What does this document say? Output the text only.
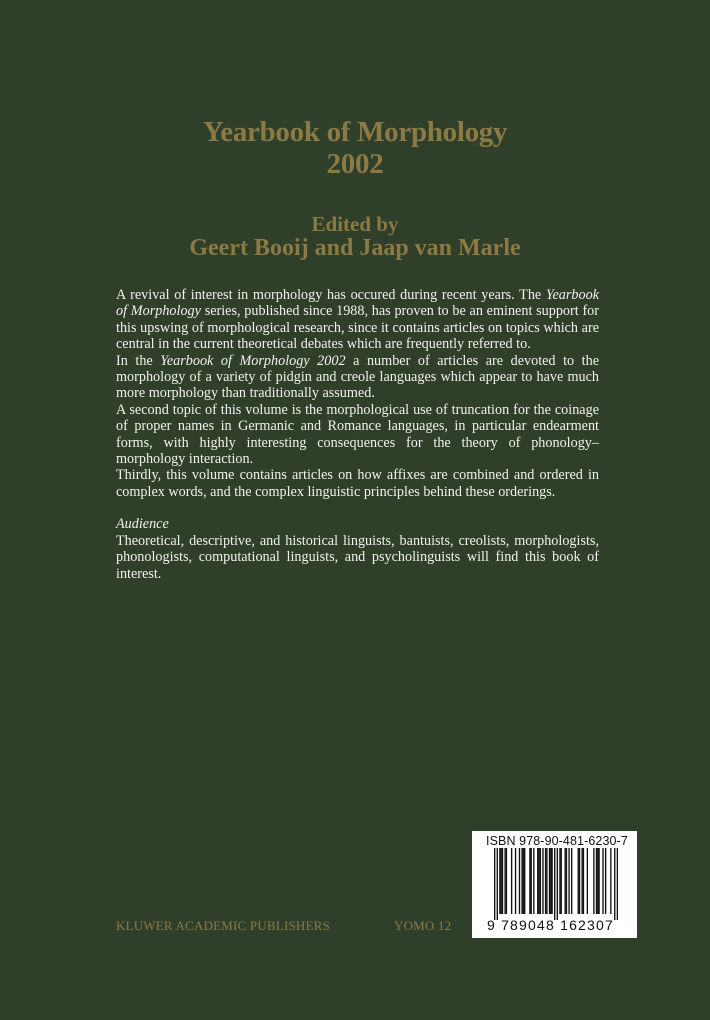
Yearbook of Morphology
2002
Edited by
Geert Booij and Jaap van Marle

A revival of interest in morphology has occured during recent years. The Yearbook of Morphology series, published since 1988, has proven to be an eminent support for this upswing of morphological research, since it contains articles on topics which are central in the current theoretical debates which are frequently referred to.

In the Yearbook of Morphology 2002 a number of articles are devoted to the morphology of a variety of pidgin and creole languages which appear to have much more morphology than traditionally assumed.

A second topic of this volume is the morphological use of truncation for the coinage of proper names in Germanic and Romance languages, in particular endearment forms, with highly interesting consequences for the theory of phonology–morphology interaction.

Thirdly, this volume contains articles on how affixes are combined and ordered in complex words, and the complex linguistic principles behind these orderings.

Audience

Theoretical, descriptive, and historical linguists, bantuists, creolists, morphologists, phonologists, computational linguists, and psycholinguists will find this book of interest.

KLUWER ACADEMIC PUBLISHERS	YOMO 12
ISBN 978-90-481-6230-7
9 789048 162307
